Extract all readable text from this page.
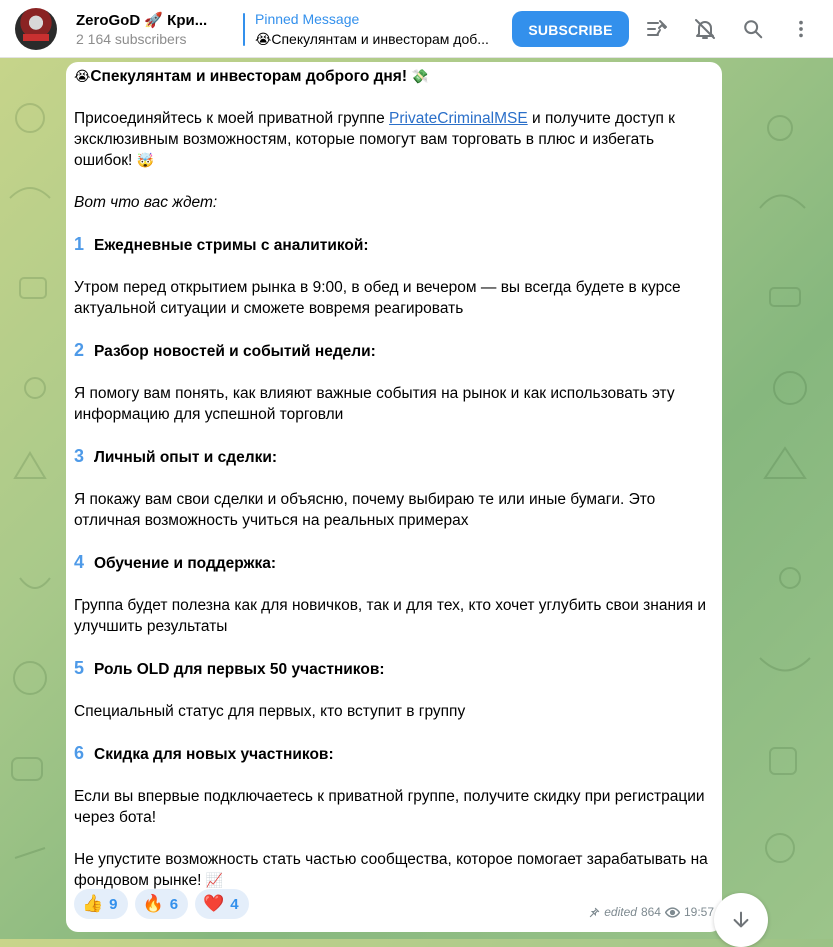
ZeroGoD 🚀 Кри...
2 164 subscribers
Pinned Message
😭Спекулянтам и инвесторам доб...
SUBSCRIBE

😭Спекулянтам и инвесторам доброго дня! 💸

Присоединяйтесь к моей приватной группе PrivateCriminalMSE и получите доступ к эксклюзивным возможностям, которые помогут вам торговать в плюс и избегать ошибок! 🤯

Вот что вас ждет:

1 Ежедневные стримы с аналитикой:

Утром перед открытием рынка в 9:00, в обед и вечером — вы всегда будете в курсе актуальной ситуации и сможете вовремя реагировать

2 Разбор новостей и событий недели:

Я помогу вам понять, как влияют важные события на рынок и как использовать эту информацию для успешной торговли

3 Личный опыт и сделки:

Я покажу вам свои сделки и объясню, почему выбираю те или иные бумаги. Это отличная возможность учиться на реальных примерах

4 Обучение и поддержка:

Группа будет полезна как для новичков, так и для тех, кто хочет углубить свои знания и улучшить результаты

5 Роль OLD для первых 50 участников:

Специальный статус для первых, кто вступит в группу

6 Скидка для новых участников:

Если вы впервые подключаетесь к приватной группе, получите скидку при регистрации через бота!

Не упустите возможность стать частью сообщества, которое помогает зарабатывать на фондовом рынке! 📈

👍 9 🔥 6 ❤️ 4	edited 864 19:57
